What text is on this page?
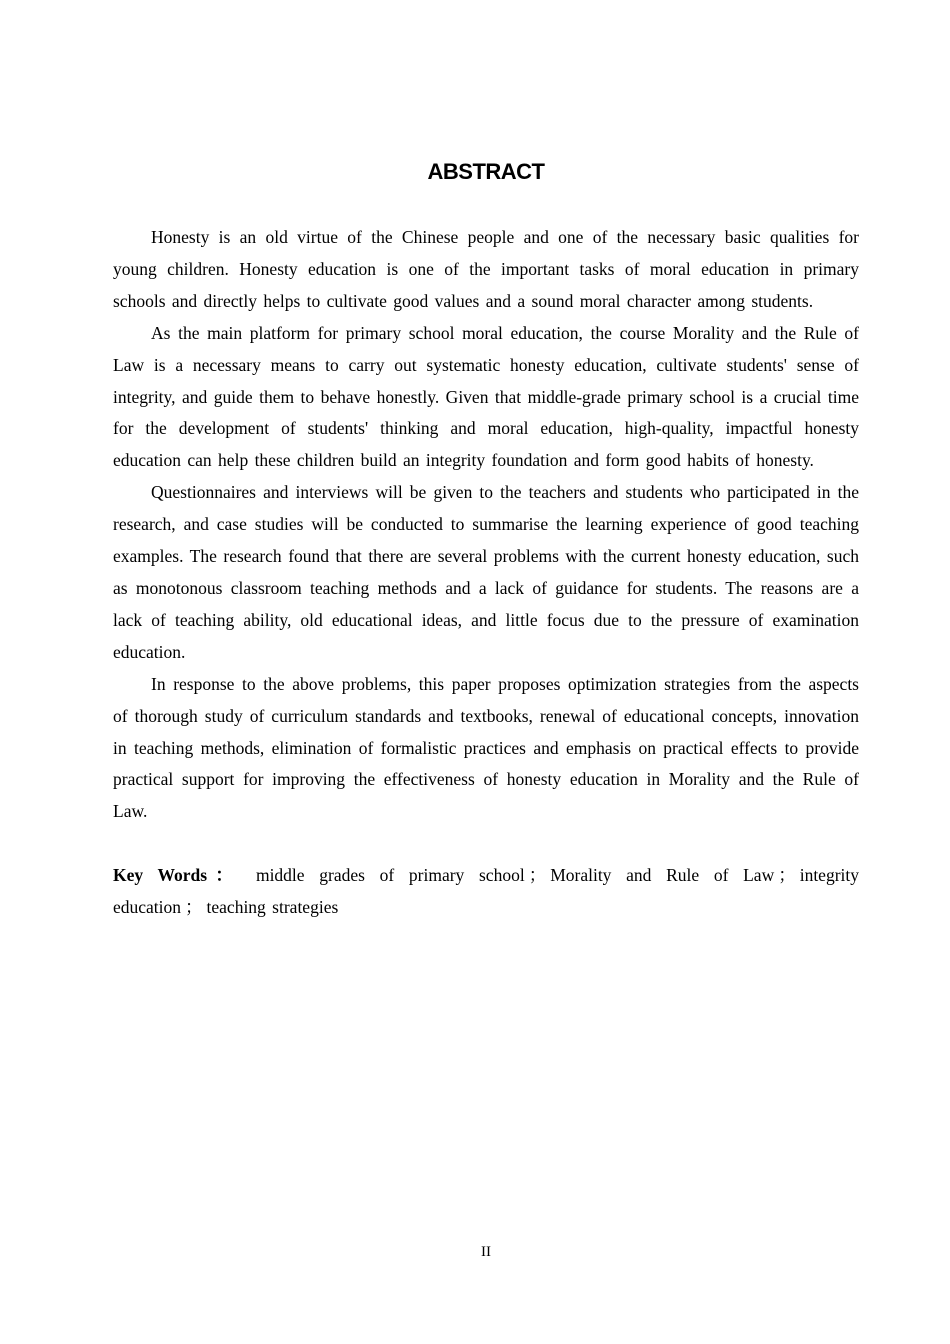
ABSTRACT

Honesty is an old virtue of the Chinese people and one of the necessary basic qualities for young children. Honesty education is one of the important tasks of moral education in primary schools and directly helps to cultivate good values and a sound moral character among students.

As the main platform for primary school moral education, the course Morality and the Rule of Law is a necessary means to carry out systematic honesty education, cultivate students' sense of integrity, and guide them to behave honestly. Given that middle-grade primary school is a crucial time for the development of students' thinking and moral education, high-quality, impactful honesty education can help these children build an integrity foundation and form good habits of honesty.

Questionnaires and interviews will be given to the teachers and students who participated in the research, and case studies will be conducted to summarise the learning experience of good teaching examples. The research found that there are several problems with the current honesty education, such as monotonous classroom teaching methods and a lack of guidance for students. The reasons are a lack of teaching ability, old educational ideas, and little focus due to the pressure of examination education.

In response to the above problems, this paper proposes optimization strategies from the aspects of thorough study of curriculum standards and textbooks, renewal of educational concepts, innovation in teaching methods, elimination of formalistic practices and emphasis on practical effects to provide practical support for improving the effectiveness of honesty education in Morality and the Rule of Law.

Key Words： middle grades of primary school ； Morality and Rule of Law ； integrity education ； teaching strategies

II
